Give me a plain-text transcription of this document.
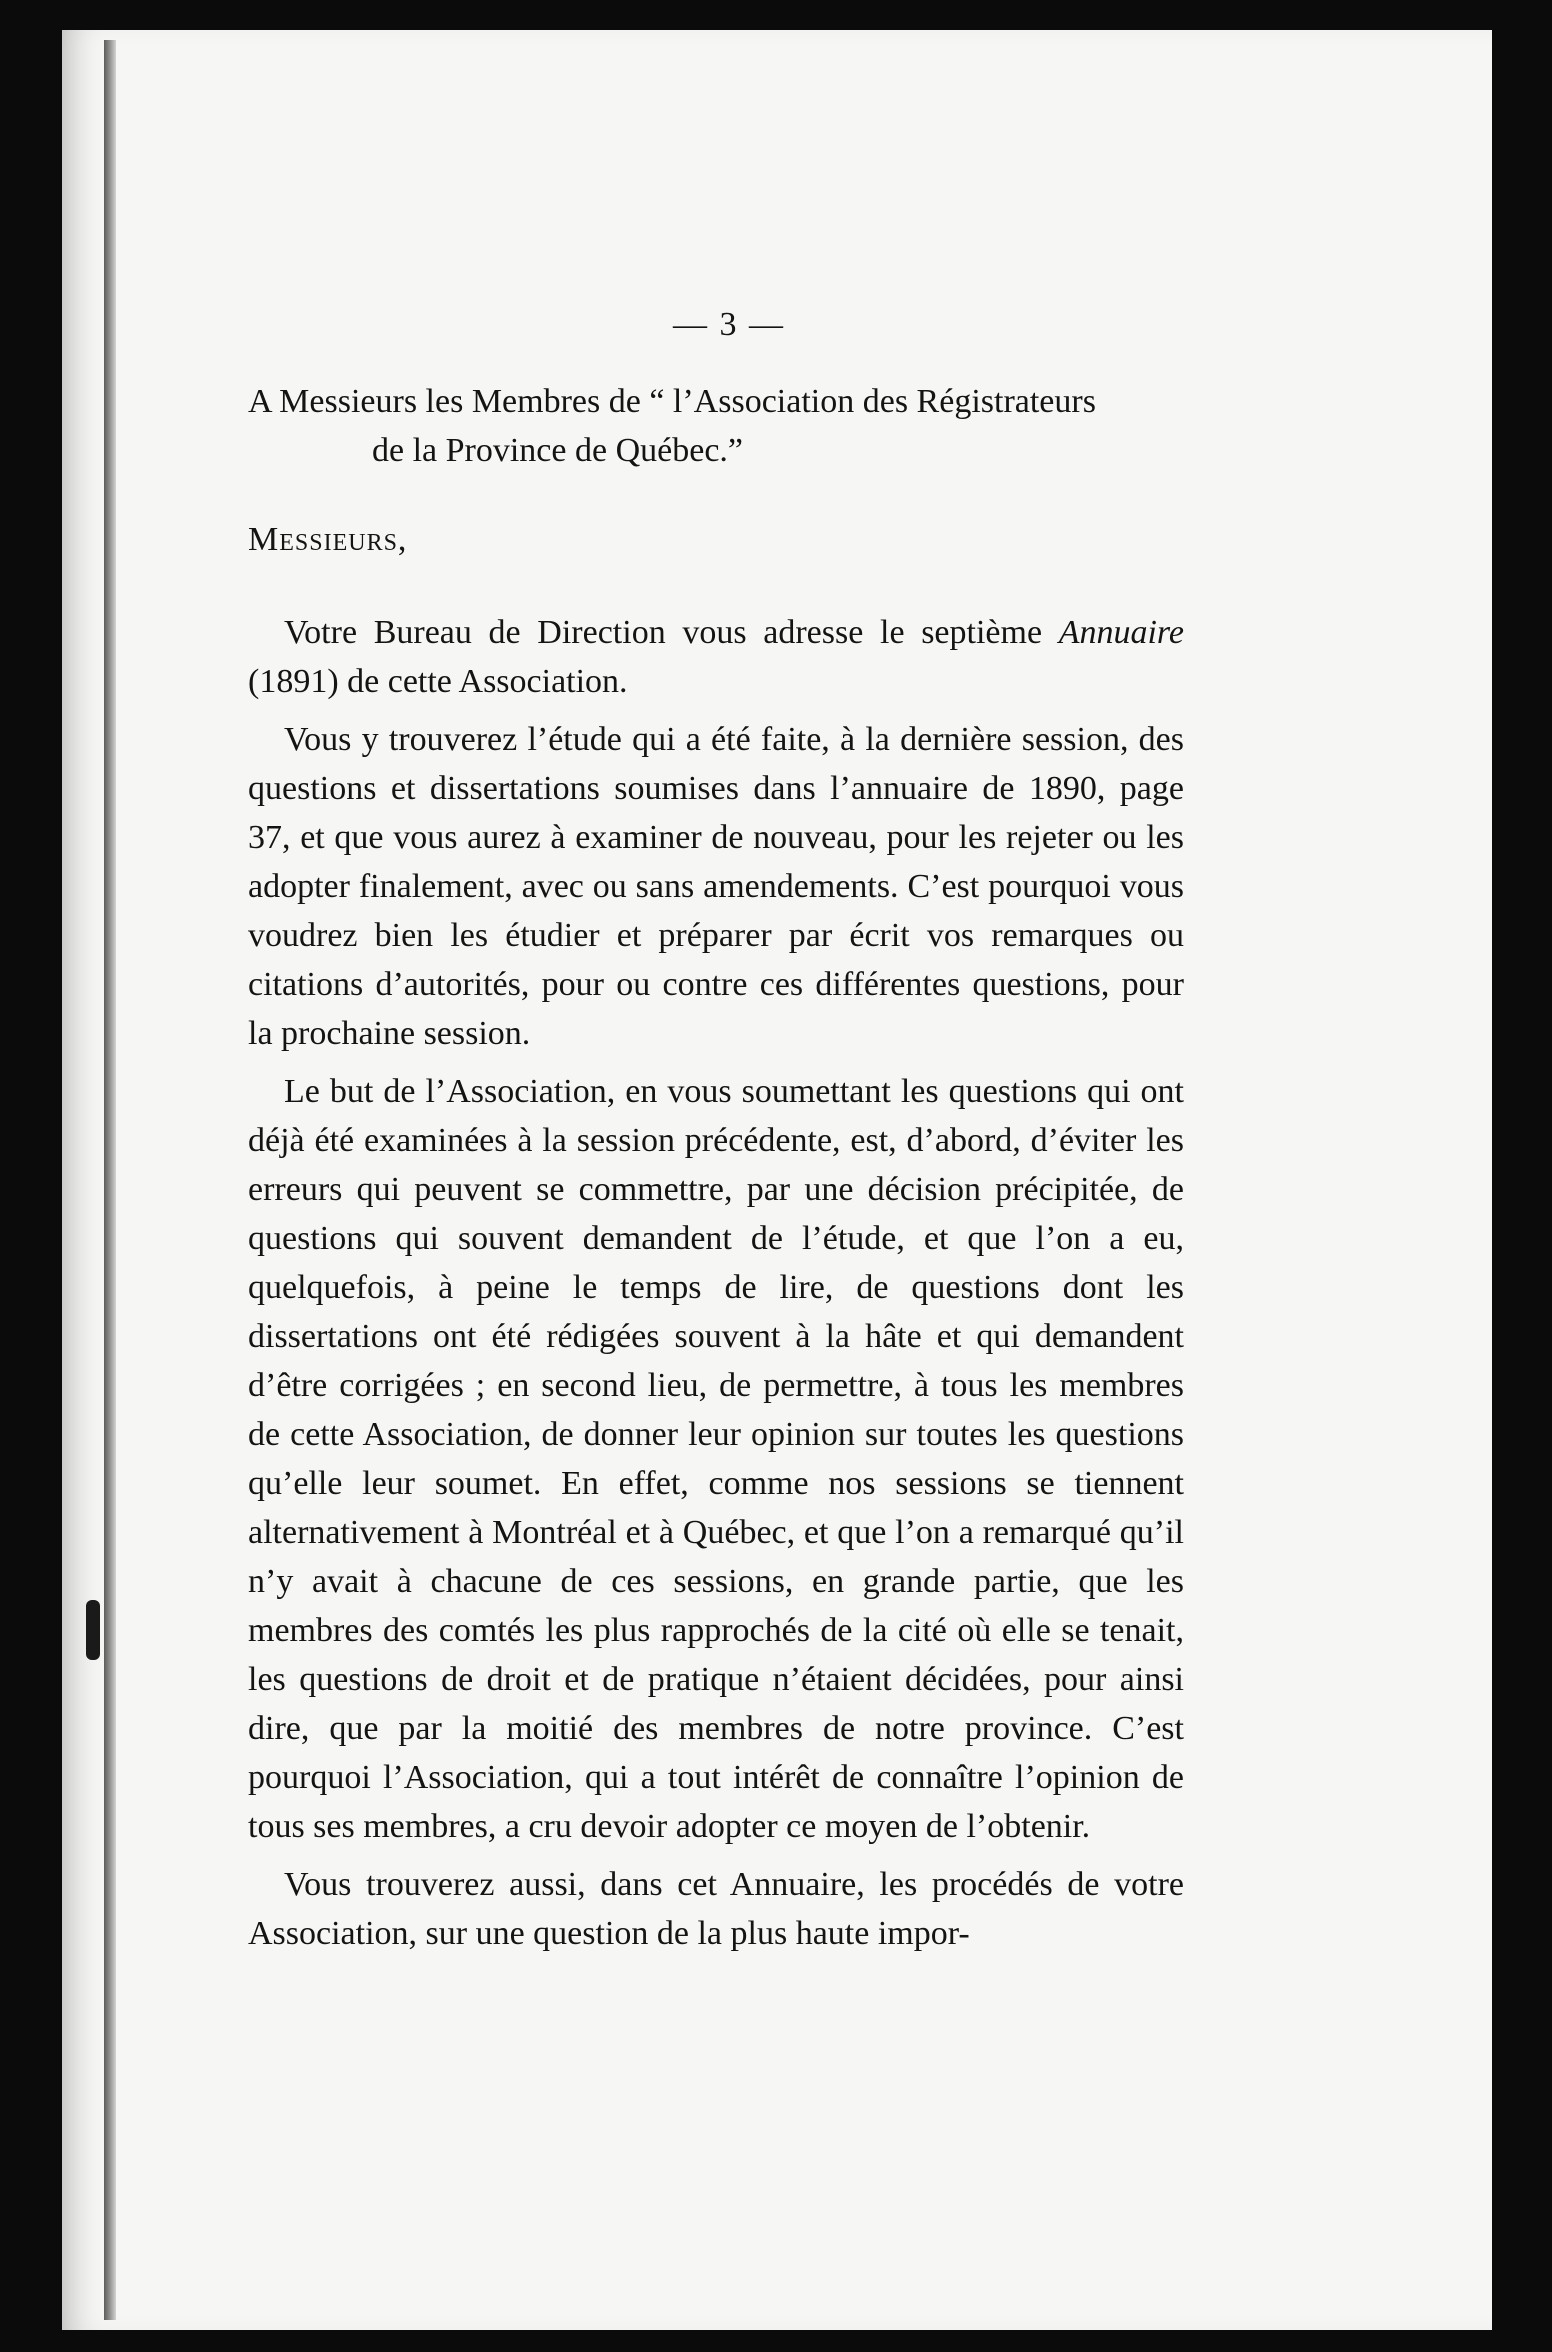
— 3 —

A Messieurs les Membres de “ l’Association des Régistrateurs
de la Province de Québec.”

Messieurs,

Votre Bureau de Direction vous adresse le septième Annuaire (1891) de cette Association.

Vous y trouverez l’étude qui a été faite, à la dernière session, des questions et dissertations soumises dans l’annuaire de 1890, page 37, et que vous aurez à examiner de nouveau, pour les rejeter ou les adopter finalement, avec ou sans amendements. C’est pourquoi vous voudrez bien les étudier et préparer par écrit vos remarques ou citations d’autorités, pour ou contre ces différentes questions, pour la prochaine session.

Le but de l’Association, en vous soumettant les questions qui ont déjà été examinées à la session précédente, est, d’abord, d’éviter les erreurs qui peuvent se commettre, par une décision précipitée, de questions qui souvent demandent de l’étude, et que l’on a eu, quelquefois, à peine le temps de lire, de questions dont les dissertations ont été rédigées souvent à la hâte et qui demandent d’être corrigées ; en second lieu, de permettre, à tous les membres de cette Association, de donner leur opinion sur toutes les questions qu’elle leur soumet. En effet, comme nos sessions se tiennent alternativement à Montréal et à Québec, et que l’on a remarqué qu’il n’y avait à chacune de ces sessions, en grande partie, que les membres des comtés les plus rapprochés de la cité où elle se tenait, les questions de droit et de pratique n’étaient décidées, pour ainsi dire, que par la moitié des membres de notre province. C’est pourquoi l’Association, qui a tout intérêt de connaître l’opinion de tous ses membres, a cru devoir adopter ce moyen de l’obtenir.

Vous trouverez aussi, dans cet Annuaire, les procédés de votre Association, sur une question de la plus haute impor-
